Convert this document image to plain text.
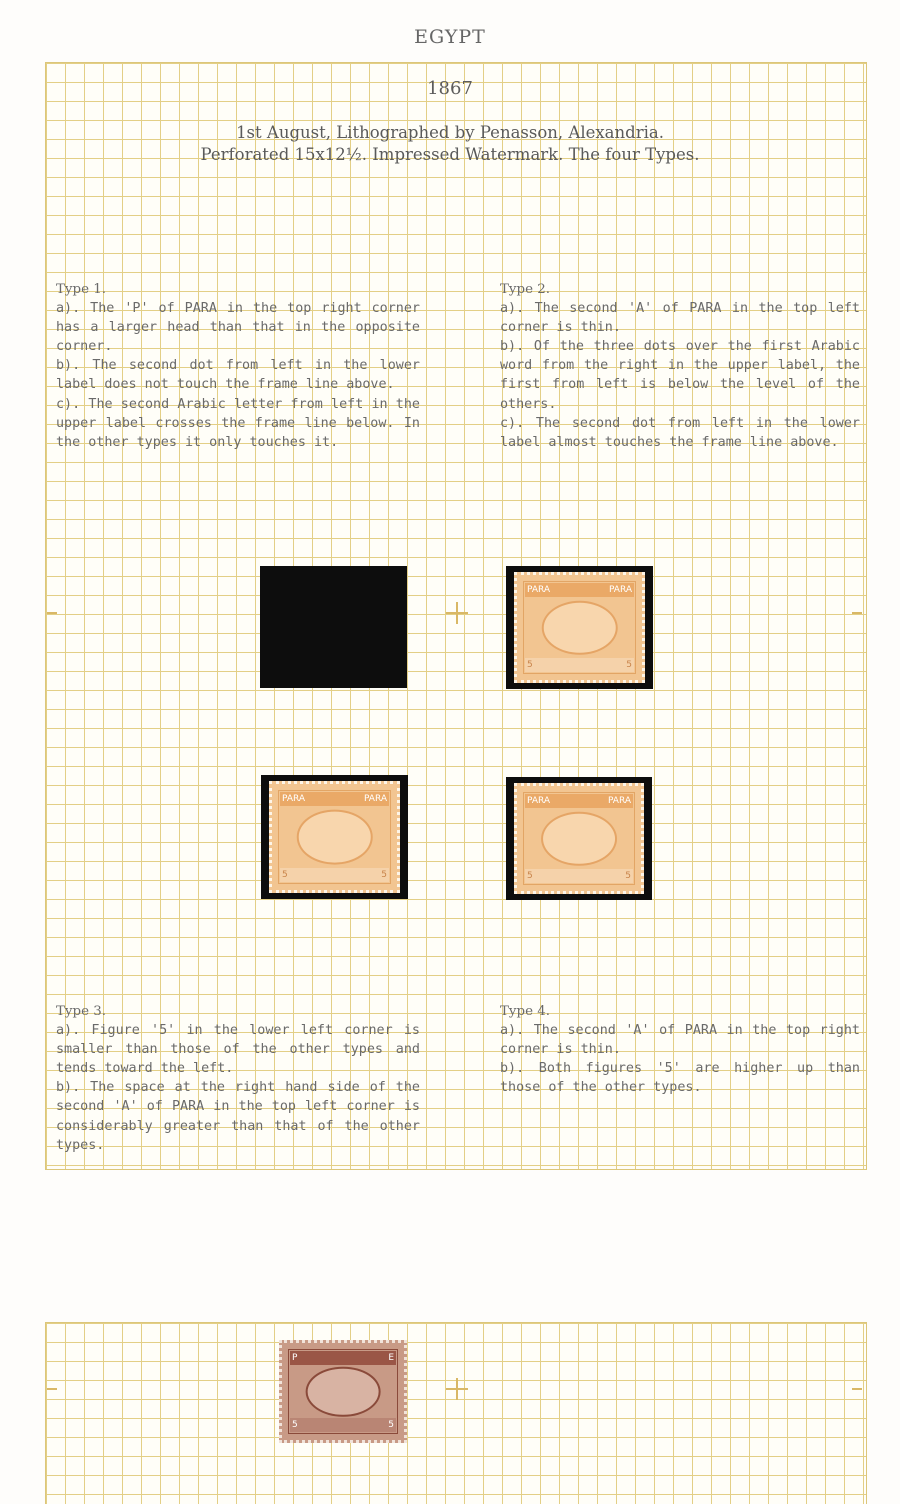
EGYPT
1867
1st August, Lithographed by Penasson, Alexandria.
Perforated 15x12½. Impressed Watermark. The four Types.

Type 1.

a). The 'P' of PARA in the top right corner has a larger head than that in the opposite corner.

b). The second dot from left in the lower label does not touch the frame line above.

c). The second Arabic letter from left in the upper label crosses the frame line below. In the other types it only touches it.

Type 2.

a). The second 'A' of PARA in the top left corner is thin.

b). Of the three dots over the first Arabic word from the right in the upper label, the first from left is below the level of the others.

c). The second dot from left in the lower label almost touches the frame line above.

PARA	PARA
5	5
PARA	PARA
5	5
PARA	PARA
5	5

Type 3.

a). Figure '5' in the lower left corner is smaller than those of the other types and tends toward the left.

b). The space at the right hand side of the second 'A' of PARA in the top left corner is considerably greater than that of the other types.

Type 4.

a). The second 'A' of PARA in the top right corner is thin.

b). Both figures '5' are higher up than those of the other types.

P	E
5	5
